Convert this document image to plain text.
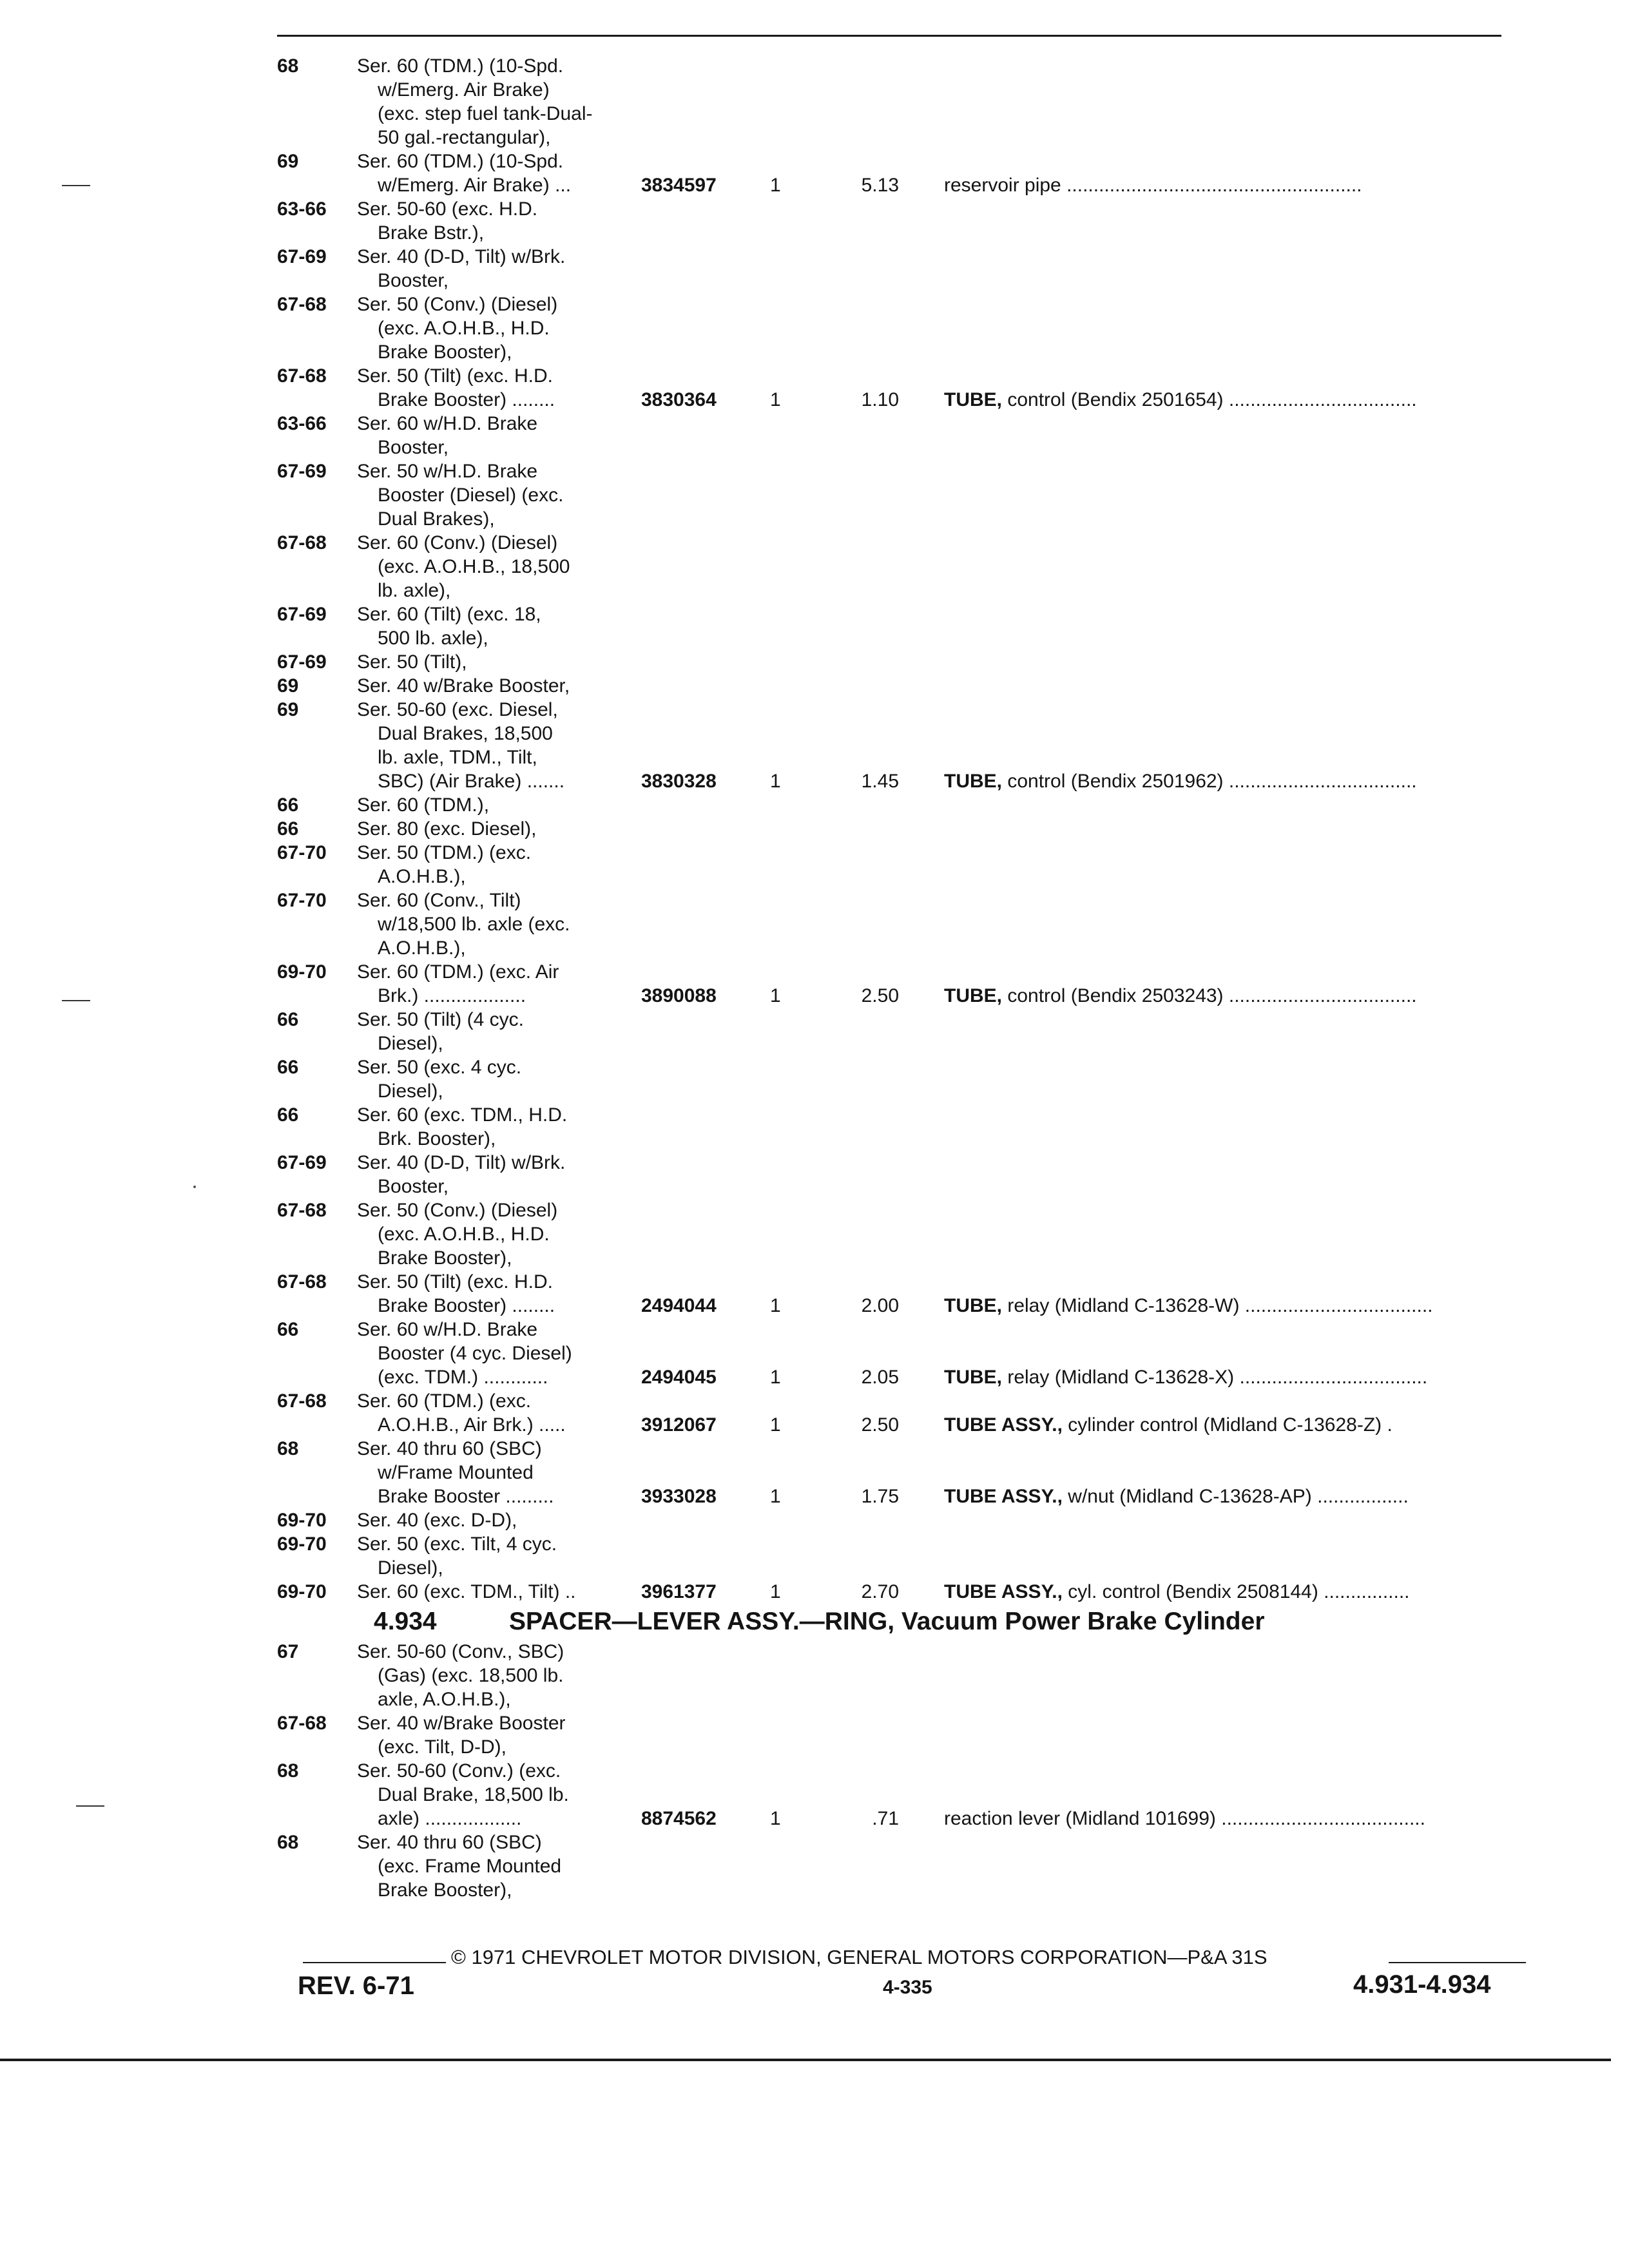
68	Ser. 60 (TDM.) (10-Spd.
w/Emerg. Air Brake)
(exc. step fuel tank-Dual-
50 gal.-rectangular),
69	Ser. 60 (TDM.) (10-Spd.
w/Emerg. Air Brake) ...	3834597	1	5.13 reservoir pipe .......................................................
63-66 Ser. 50-60 (exc. H.D.
Brake Bstr.),
67-69 Ser. 40 (D-D, Tilt) w/Brk.
Booster,
67-68 Ser. 50 (Conv.) (Diesel)
(exc. A.O.H.B., H.D.
Brake Booster),
67-68 Ser. 50 (Tilt) (exc. H.D.
Brake Booster) ........	3830364	1	1.10 TUBE, control (Bendix 2501654) ...................................
63-66 Ser. 60 w/H.D. Brake
Booster,
67-69 Ser. 50 w/H.D. Brake
Booster (Diesel) (exc.
Dual Brakes),
67-68 Ser. 60 (Conv.) (Diesel)
(exc. A.O.H.B., 18,500
lb. axle),
67-69 Ser. 60 (Tilt) (exc. 18,
500 lb. axle),
67-69 Ser. 50 (Tilt),
69	Ser. 40 w/Brake Booster,
69	Ser. 50-60 (exc. Diesel,
Dual Brakes, 18,500
lb. axle, TDM., Tilt,
SBC) (Air Brake) .......	3830328	1	1.45 TUBE, control (Bendix 2501962) ...................................
66	Ser. 60 (TDM.),
66	Ser. 80 (exc. Diesel),
67-70 Ser. 50 (TDM.) (exc.
A.O.H.B.),
67-70 Ser. 60 (Conv., Tilt)
w/18,500 lb. axle (exc.
A.O.H.B.),
69-70 Ser. 60 (TDM.) (exc. Air
Brk.) ...................	3890088	1	2.50 TUBE, control (Bendix 2503243) ...................................
66	Ser. 50 (Tilt) (4 cyc.
Diesel),
66	Ser. 50 (exc. 4 cyc.
Diesel),
66	Ser. 60 (exc. TDM., H.D.
Brk. Booster),
67-69 Ser. 40 (D-D, Tilt) w/Brk.
Booster,
67-68 Ser. 50 (Conv.) (Diesel)
(exc. A.O.H.B., H.D.
Brake Booster),
67-68 Ser. 50 (Tilt) (exc. H.D.
Brake Booster) ........	2494044	1	2.00 TUBE, relay (Midland C-13628-W) ...................................
66	Ser. 60 w/H.D. Brake
Booster (4 cyc. Diesel)
(exc. TDM.) ............	2494045	1	2.05 TUBE, relay (Midland C-13628-X) ...................................
67-68 Ser. 60 (TDM.) (exc.
A.O.H.B., Air Brk.) .....	3912067	1	2.50 TUBE ASSY., cylinder control (Midland C-13628-Z) .
68	Ser. 40 thru 60 (SBC)
w/Frame Mounted
Brake Booster .........	3933028	1	1.75 TUBE ASSY., w/nut (Midland C-13628-AP) .................
69-70 Ser. 40 (exc. D-D),
69-70 Ser. 50 (exc. Tilt, 4 cyc.
Diesel),
69-70 Ser. 60 (exc. TDM., Tilt) ..	3961377	1	2.70 TUBE ASSY., cyl. control (Bendix 2508144) ................
4.934	SPACER—LEVER ASSY.—RING, Vacuum Power Brake Cylinder
67	Ser. 50-60 (Conv., SBC)
(Gas) (exc. 18,500 lb.
axle, A.O.H.B.),
67-68 Ser. 40 w/Brake Booster
(exc. Tilt, D-D),
68	Ser. 50-60 (Conv.) (exc.
Dual Brake, 18,500 lb.
axle) ..................	8874562	1	.71 reaction lever (Midland 101699) ......................................
68	Ser. 40 thru 60 (SBC)
(exc. Frame Mounted
Brake Booster),
© 1971 CHEVROLET MOTOR DIVISION, GENERAL MOTORS CORPORATION—P&A 31S
REV. 6-71	4-335	4.931-4.934
